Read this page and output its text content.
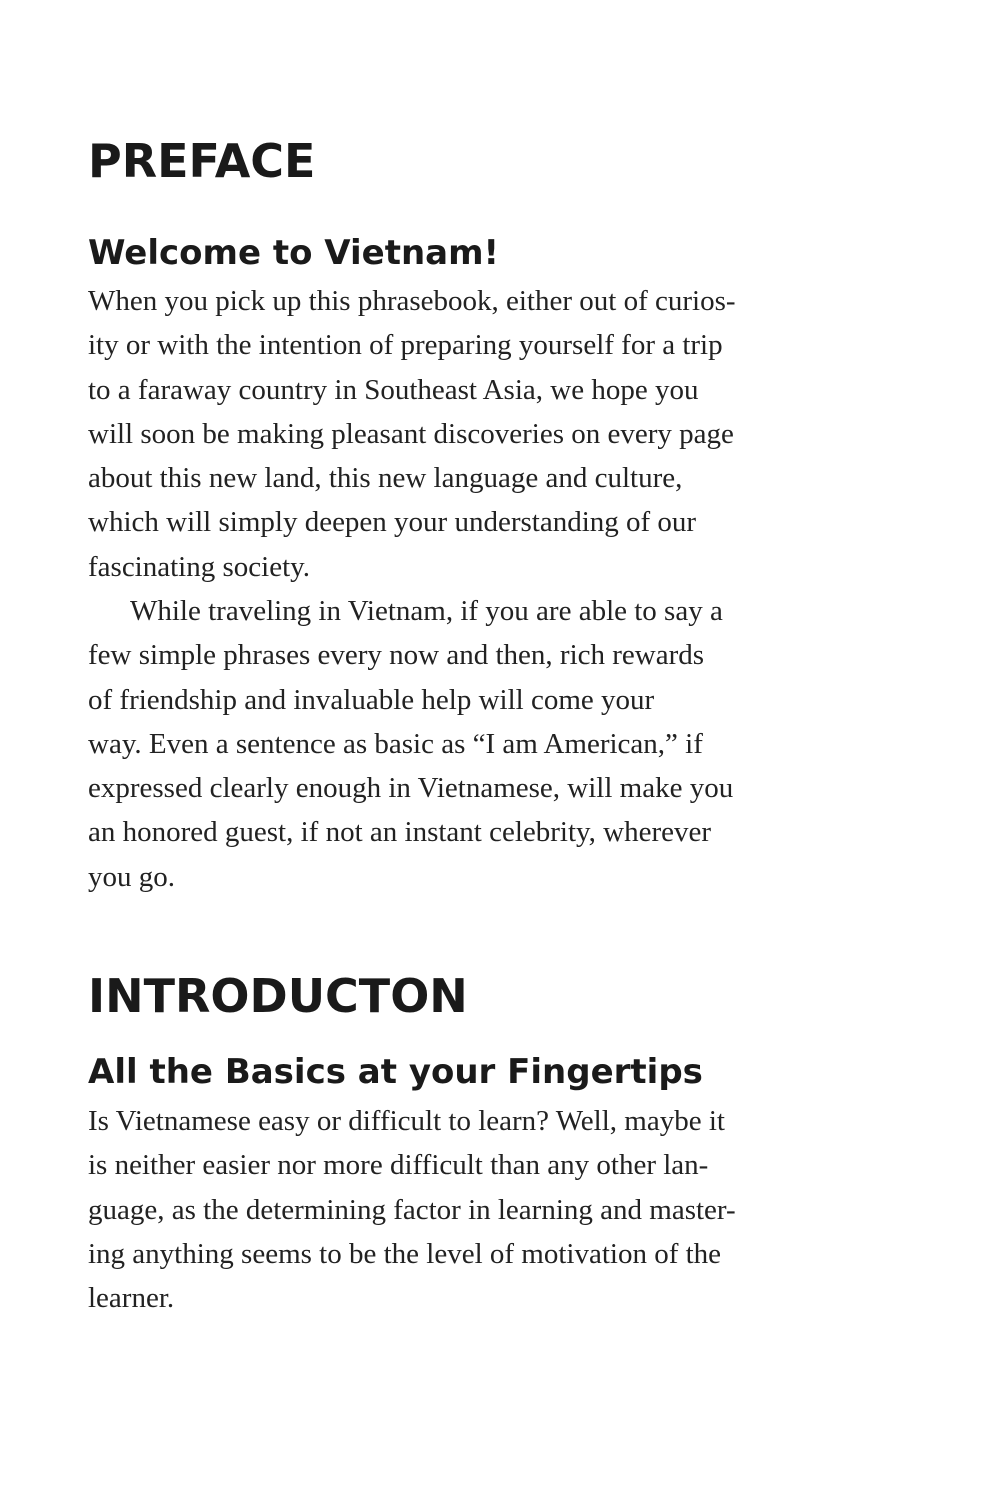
PREFACE
Welcome to Vietnam!
When you pick up this phrasebook, either out of curios-
ity or with the intention of preparing yourself for a trip
to a faraway country in Southeast Asia, we hope you
will soon be making pleasant discoveries on every page
about this new land, this new language and culture,
which will simply deepen your understanding of our
fascinating society.
While traveling in Vietnam, if you are able to say a
few simple phrases every now and then, rich rewards
of friendship and invaluable help will come your
way. Even a sentence as basic as “I am American,” if
expressed clearly enough in Vietnamese, will make you
an honored guest, if not an instant celebrity, wherever
you go.
INTRODUCTON
All the Basics at your Fingertips
Is Vietnamese easy or difficult to learn? Well, maybe it
is neither easier nor more difficult than any other lan-
guage, as the determining factor in learning and master-
ing anything seems to be the level of motivation of the
learner.
